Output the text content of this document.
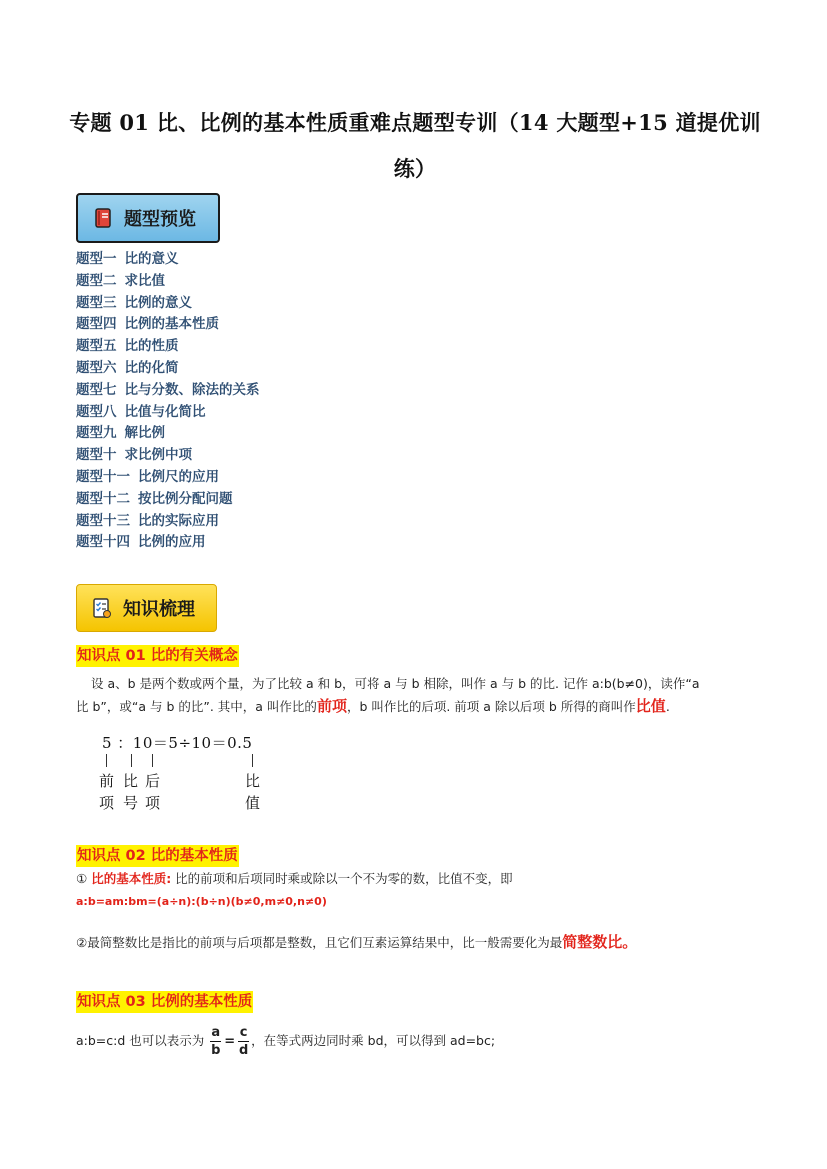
专题 01 比、比例的基本性质重难点题型专训（14 大题型+15 道提优训
练）
题型预览
题型一 比的意义
题型二 求比值
题型三 比例的意义
题型四 比例的基本性质
题型五 比的性质
题型六 比的化简
题型七 比与分数、除法的关系
题型八 比值与化简比
题型九 解比例
题型十 求比例中项
题型十一 比例尺的应用
题型十二 按比例分配问题
题型十三 比的实际应用
题型十四 比例的应用
知识梳理
知识点 01 比的有关概念
设 a、b 是两个数或两个量，为了比较 a 和 b，可将 a 与 b 相除，叫作 a 与 b 的比. 记作 a:b(b≠0)，读作“a
比 b”，或“a 与 b 的比”. 其中，a 叫作比的前项，b 叫作比的后项. 前项 a 除以后项 b 所得的商叫作比值.
5 ：10＝5÷10＝0.5
前 比 后	比
项 号 项	值
知识点 02 比的基本性质
① 比的基本性质: 比的前项和后项同时乘或除以一个不为零的数，比值不变，即
a:b=am:bm=(a÷n):(b÷n)(b≠0,m≠0,n≠0)
②最简整数比是指比的前项与后项都是整数，且它们互素运算结果中，比一般需要化为最简整数比。
知识点 03 比例的基本性质
a:b=c:d 也可以表示为 $\frac{a}{b} = \frac{c}{d}$ ，在等式两边同时乘 bd，可以得到 ad=bc;
